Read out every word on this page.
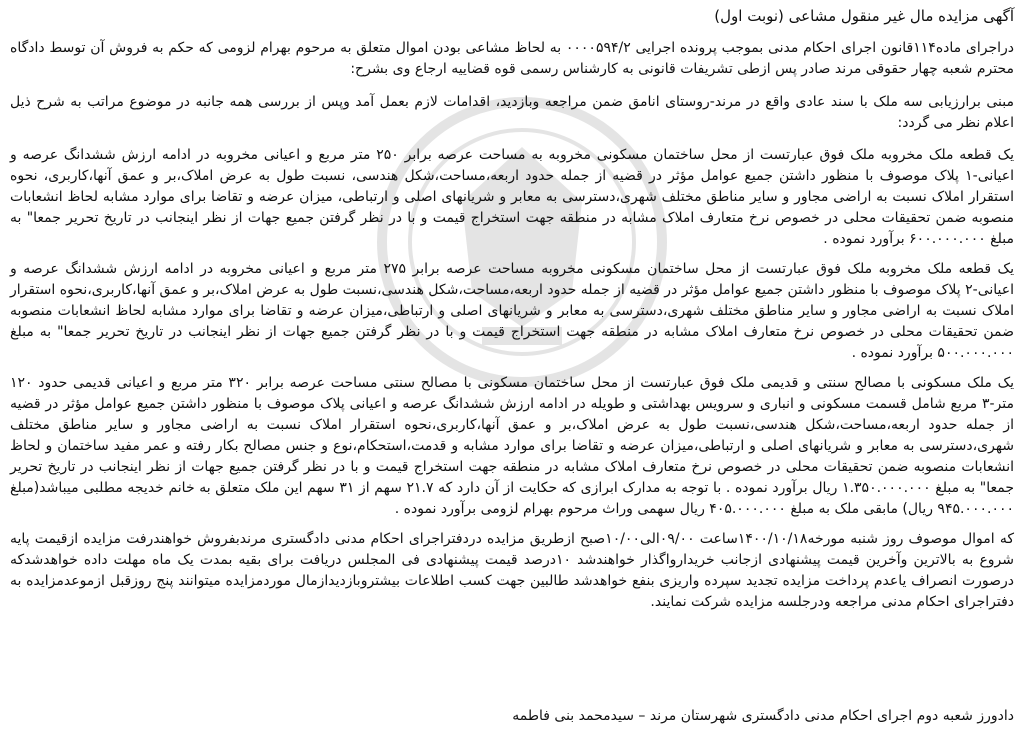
آگهی مزایده مال غیر منقول مشاعی (نوبت اول)

دراجرای ماده۱۱۴قانون اجرای احکام مدنی بموجب پرونده اجرایی ۰۰۰۰۵۹۴/۲ به لحاظ مشاعی بودن اموال متعلق به مرحوم بهرام لزومی که حکم به فروش آن توسط دادگاه محترم شعبه چهار حقوقی مرند صادر پس ازطی تشریفات قانونی به کارشناس رسمی قوه قضاییه ارجاع وی بشرح:

مبنی برارزیابی سه ملک با سند عادی واقع در مرند-روستای انامق ضمن مراجعه وبازدید، اقدامات لازم بعمل آمد وپس از بررسی همه جانبه در موضوع مراتب به شرح ذیل اعلام نظر می گردد:

یک قطعه ملک مخروبه ملک فوق عبارتست از محل ساختمان مسکونی مخروبه به مساحت عرصه برابر ۲۵۰ متر مربع و اعیانی مخروبه در ادامه ارزش ششدانگ عرصه و اعیانی-۱ پلاک موصوف با منظور داشتن جمیع عوامل مؤثر در قضیه از جمله حدود اربعه،مساحت،شکل هندسی، نسبت طول به عرض املاک،بر و عمق آنها،کاربری، نحوه استقرار املاک نسبت به اراضی مجاور و سایر مناطق مختلف شهری،دسترسی به معابر و شریانهای اصلی و ارتباطی، میزان عرضه و تقاضا برای موارد مشابه لحاظ انشعابات منصوبه ضمن تحقیقات محلی در خصوص نرخ متعارف املاک مشابه در منطقه جهت استخراج قیمت و با در نظر گرفتن جمیع جهات از نظر اینجانب در تاریخ تحریر جمعا" به مبلغ ۶۰۰.۰۰۰.۰۰۰ برآورد نموده .

یک قطعه ملک مخروبه ملک فوق عبارتست از محل ساختمان مسکونی مخروبه مساحت عرصه برابر ۲۷۵ متر مربع و اعیانی مخروبه در ادامه ارزش ششدانگ عرصه و اعیانی-۲ پلاک موصوف با منظور داشتن جمیع عوامل مؤثر در قضیه از جمله حدود اربعه،مساحت،شکل هندسی،نسبت طول به عرض املاک،بر و عمق آنها،کاربری،نحوه استقرار املاک نسبت به اراضی مجاور و سایر مناطق مختلف شهری،دسترسی به معابر و شریانهای اصلی و ارتباطی،میزان عرضه و تقاضا برای موارد مشابه لحاظ انشعابات منصوبه ضمن تحقیقات محلی در خصوص نرخ متعارف املاک مشابه در منطقه جهت استخراج قیمت و با در نظر گرفتن جمیع جهات از نظر اینجانب در تاریخ تحریر جمعا" به مبلغ ۵۰۰.۰۰۰.۰۰۰ برآورد نموده .

یک ملک مسکونی با مصالح سنتی و قدیمی ملک فوق عبارتست از محل ساختمان مسکونی با مصالح سنتی مساحت عرصه برابر ۳۲۰ متر مربع و اعیانی قدیمی حدود ۱۲۰ متر-۳ مربع شامل قسمت مسکونی و انباری و سرویس بهداشتی و طویله در ادامه ارزش ششدانگ عرصه و اعیانی پلاک موصوف با منظور داشتن جمیع عوامل مؤثر در قضیه از جمله حدود اربعه،مساحت،شکل هندسی،نسبت طول به عرض املاک،بر و عمق آنها،کاربری،نحوه استقرار املاک نسبت به اراضی مجاور و سایر مناطق مختلف شهری،دسترسی به معابر و شریانهای اصلی و ارتباطی،میزان عرضه و تقاضا برای موارد مشابه و قدمت،استحکام،نوع و جنس مصالح بکار رفته و عمر مفید ساختمان و لحاظ انشعابات منصوبه ضمن تحقیقات محلی در خصوص نرخ متعارف املاک مشابه در منطقه جهت استخراج قیمت و با در نظر گرفتن جمیع جهات از نظر اینجانب در تاریخ تحریر جمعا" به مبلغ ۱.۳۵۰.۰۰۰.۰۰۰ ریال برآورد نموده . با توجه به مدارک ابرازی که حکایت از آن دارد که ۲۱.۷ سهم از ۳۱ سهم این ملک متعلق به خانم خدیجه مطلبی میباشد(مبلغ ۹۴۵.۰۰۰.۰۰۰ ریال) مابقی ملک به مبلغ ۴۰۵.۰۰۰.۰۰۰ ریال سهمی وراث مرحوم بهرام لزومی برآورد نموده .

که اموال موصوف روز شنبه مورخه۱۴۰۰/۱۰/۱۸ساعت ۰۹/۰۰الی۱۰/۰۰صبح ازطریق مزایده دردفتراجرای احکام مدنی دادگستری مرندبفروش خواهندرفت مزایده ازقیمت پایه شروع به بالاترین وآخرین قیمت پیشنهادی ازجانب خریدارواگذار خواهندشد ۱۰درصد قیمت پیشنهادی فی المجلس دریافت برای بقیه بمدت یک ماه مهلت داده خواهدشدکه درصورت انصراف یاعدم پرداخت مزایده تجدید سپرده واریزی بنفع خواهدشد طالبین جهت کسب اطلاعات بیشتروبازدیدازمال موردمزایده میتوانند پنج روزقبل ازموعدمزایده به دفتراجرای احکام مدنی مراجعه ودرجلسه مزایده شرکت نمایند.

دادورز شعبه دوم اجرای احکام مدنی دادگستری شهرستان مرند – سیدمحمد بنی فاطمه
